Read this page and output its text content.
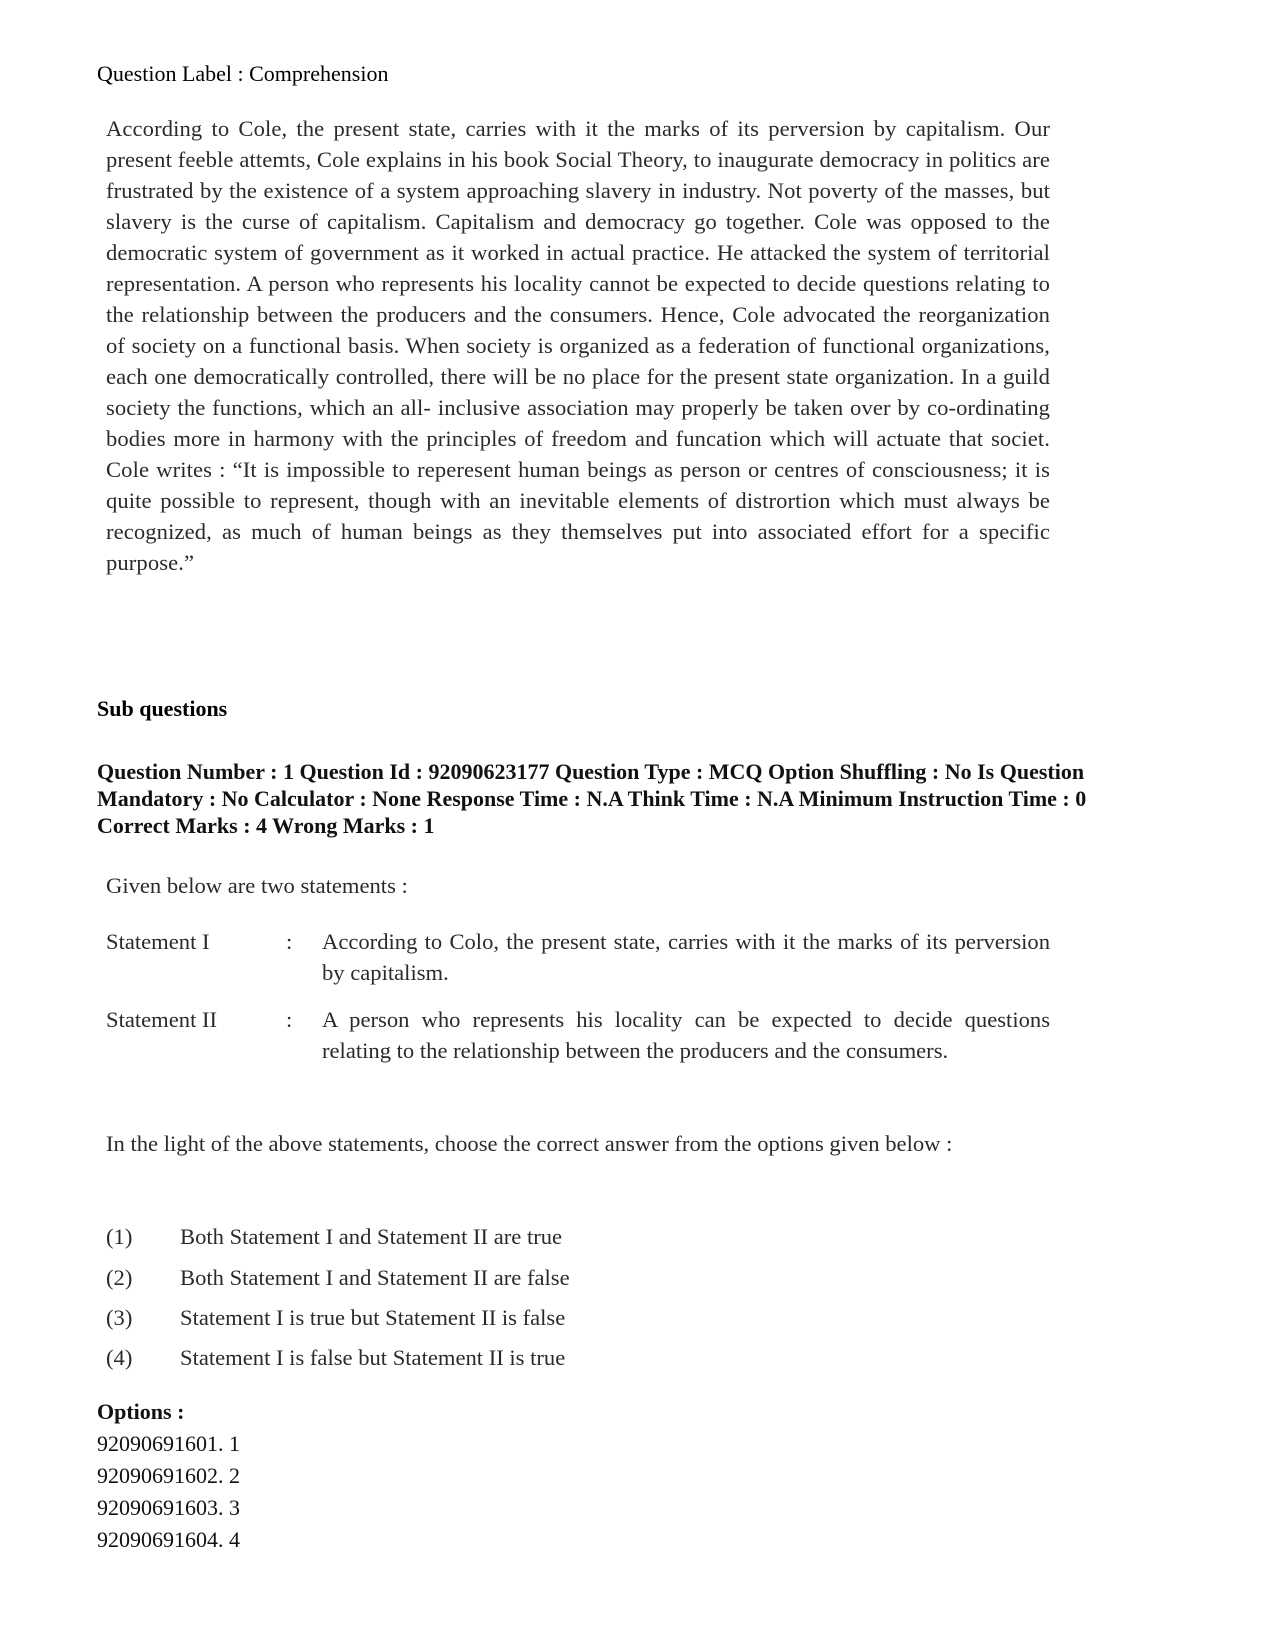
Question Label : Comprehension

According to Cole, the present state, carries with it the marks of its perversion by capitalism. Our present feeble attemts, Cole explains in his book Social Theory, to inaugurate democracy in politics are frustrated by the existence of a system approaching slavery in industry. Not poverty of the masses, but slavery is the curse of capitalism. Capitalism and democracy go together. Cole was opposed to the democratic system of government as it worked in actual practice. He attacked the system of territorial representation. A person who represents his locality cannot be expected to decide questions relating to the relationship between the producers and the consumers. Hence, Cole advocated the reorganization of society on a functional basis. When society is organized as a federation of functional organizations, each one democratically controlled, there will be no place for the present state organization. In a guild society the functions, which an all- inclusive association may properly be taken over by co-ordinating bodies more in harmony with the principles of freedom and funcation which will actuate that societ. Cole writes : “It is impossible to reperesent human beings as person or centres of consciousness; it is quite possible to represent, though with an inevitable elements of distrortion which must always be recognized, as much of human beings as they themselves put into associated effort for a specific purpose.”

Sub questions
Question Number : 1 Question Id : 92090623177 Question Type : MCQ Option Shuffling : No Is Question
Mandatory : No Calculator : None Response Time : N.A Think Time : N.A Minimum Instruction Time : 0
Correct Marks : 4 Wrong Marks : 1
Given below are two statements :
Statement I	: According to Colo, the present state, carries with it the marks of its perversion by capitalism.
Statement II	: A person who represents his locality can be expected to decide questions relating to the relationship between the producers and the consumers.
In the light of the above statements, choose the correct answer from the options given below :
(1) Both Statement I and Statement II are true
(2) Both Statement I and Statement II are false
(3) Statement I is true but Statement II is false
(4) Statement I is false but Statement II is true
Options :
92090691601. 1
92090691602. 2
92090691603. 3
92090691604. 4
